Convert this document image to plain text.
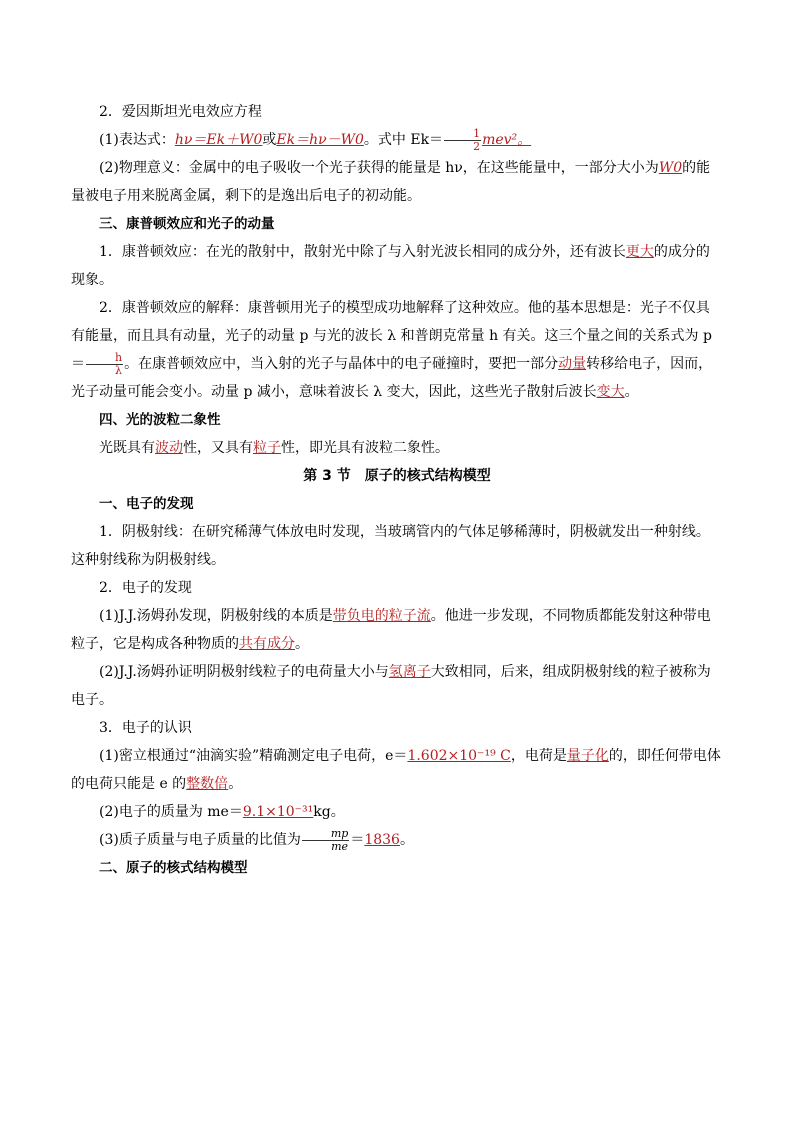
2．爱因斯坦光电效应方程

(1)表达式：hν＝Ek＋W0或Ek＝hν－W0。式中 $Ek= \frac{1}{2} mev^2$。

(2)物理意义：金属中的电子吸收一个光子获得的能量是 hν，在这些能量中，一部分大小为W0的能量被电子用来脱离金属，剩下的是逸出后电子的初动能。

三、康普顿效应和光子的动量

1．康普顿效应：在光的散射中，散射光中除了与入射光波长相同的成分外，还有波长更大的成分的现象。

2．康普顿效应的解释：康普顿用光子的模型成功地解释了这种效应。他的基本思想是：光子不仅具有能量，而且具有动量，光子的动量 p 与光的波长 λ 和普朗克常量 h 有关。这三个量之间的关系式为 $p= \frac{h}{\lambda}$ 。在康普顿效应中，当入射的光子与晶体中的电子碰撞时，要把一部分动量转移给电子，因而，光子动量可能会变小。动量 p 减小，意味着波长 λ 变大，因此，这些光子散射后波长变大。

四、光的波粒二象性

光既具有波动性，又具有粒子性，即光具有波粒二象性。

第 3 节 原子的核式结构模型

一、电子的发现

1．阴极射线：在研究稀薄气体放电时发现，当玻璃管内的气体足够稀薄时，阴极就发出一种射线。这种射线称为阴极射线。

2．电子的发现

(1)J.J.汤姆孙发现，阴极射线的本质是带负电的粒子流。他进一步发现，不同物质都能发射这种带电粒子，它是构成各种物质的共有成分。

(2)J.J.汤姆孙证明阴极射线粒子的电荷量大小与氢离子大致相同，后来，组成阴极射线的粒子被称为电子。

3．电子的认识

(1)密立根通过“油滴实验”精确测定电子电荷，e＝1.602×10⁻¹⁹ C，电荷是量子化的，即任何带电体的电荷只能是 e 的整数倍。

(2)电子的质量为 me＝9.1×10⁻³¹kg。

(3)质子质量与电子质量的比值为 $\frac{mp}{me} =1836$。

二、原子的核式结构模型
